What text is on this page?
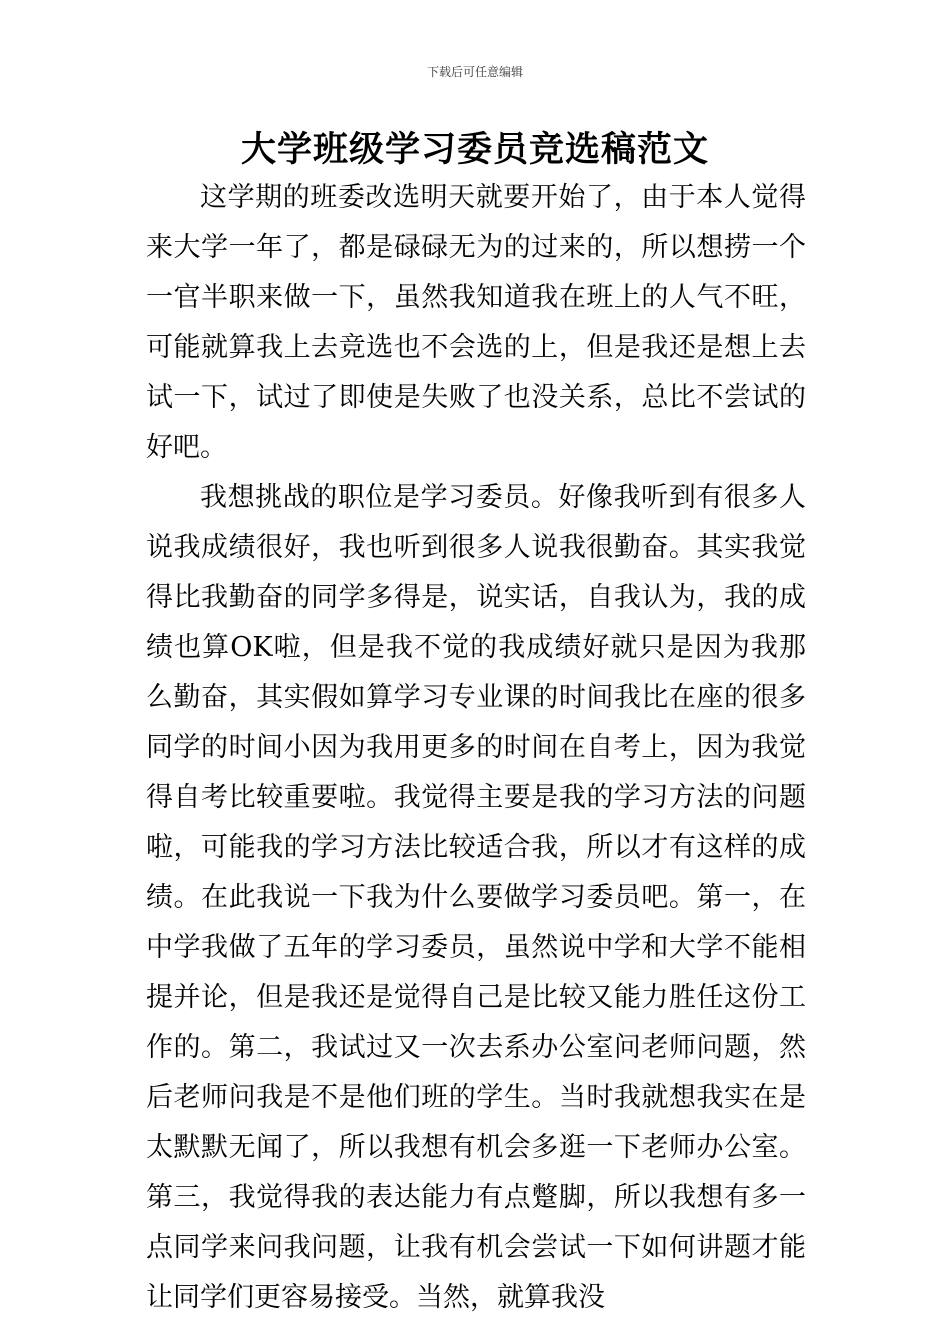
下载后可任意编辑
大学班级学习委员竞选稿范文

这学期的班委改选明天就要开始了，由于本人觉得来大学一年了，都是碌碌无为的过来的，所以想捞一个一官半职来做一下，虽然我知道我在班上的人气不旺，可能就算我上去竞选也不会选的上，但是我还是想上去试一下，试过了即使是失败了也没关系，总比不尝试的好吧。

我想挑战的职位是学习委员。好像我听到有很多人说我成绩很好，我也听到很多人说我很勤奋。其实我觉得比我勤奋的同学多得是，说实话，自我认为，我的成绩也算OK啦，但是我不觉的我成绩好就只是因为我那么勤奋，其实假如算学习专业课的时间我比在座的很多同学的时间小因为我用更多的时间在自考上，因为我觉得自考比较重要啦。我觉得主要是我的学习方法的问题啦，可能我的学习方法比较适合我，所以才有这样的成绩。在此我说一下我为什么要做学习委员吧。第一，在中学我做了五年的学习委员，虽然说中学和大学不能相提并论，但是我还是觉得自己是比较又能力胜任这份工作的。第二，我试过又一次去系办公室问老师问题，然后老师问我是不是他们班的学生。当时我就想我实在是太默默无闻了，所以我想有机会多逛一下老师办公室。第三，我觉得我的表达能力有点蹩脚，所以我想有多一点同学来问我问题，让我有机会尝试一下如何讲题才能让同学们更容易接受。当然，就算我没
